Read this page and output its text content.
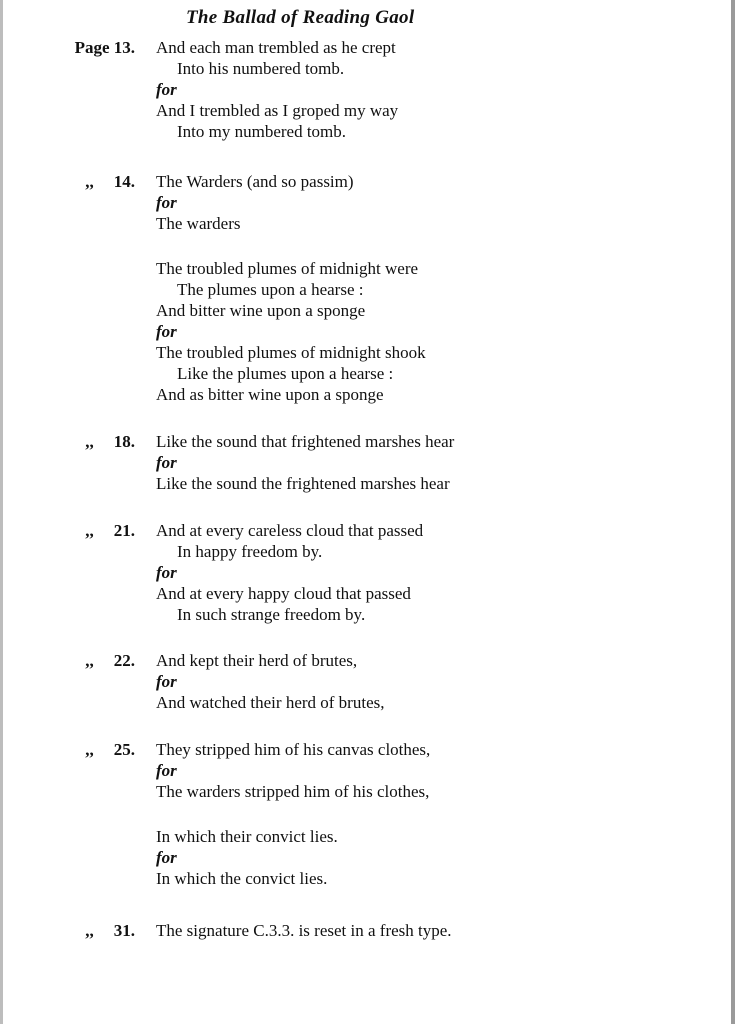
The Ballad of Reading Gaol
Page 13. And each man trembled as he crept
Into his numbered tomb.
for
And I trembled as I groped my way
Into my numbered tomb.
,, 14. The Warders (and so passim)
for
The warders
The troubled plumes of midnight were
The plumes upon a hearse :
And bitter wine upon a sponge
for
The troubled plumes of midnight shook
Like the plumes upon a hearse :
And as bitter wine upon a sponge
,, 18. Like the sound that frightened marshes hear
for
Like the sound the frightened marshes hear
,, 21. And at every careless cloud that passed
In happy freedom by.
for
And at every happy cloud that passed
In such strange freedom by.
,, 22. And kept their herd of brutes,
for
And watched their herd of brutes,
,, 25. They stripped him of his canvas clothes,
for
The warders stripped him of his clothes,
In which their convict lies.
for
In which the convict lies.
,, 31. The signature C.3.3. is reset in a fresh type.
